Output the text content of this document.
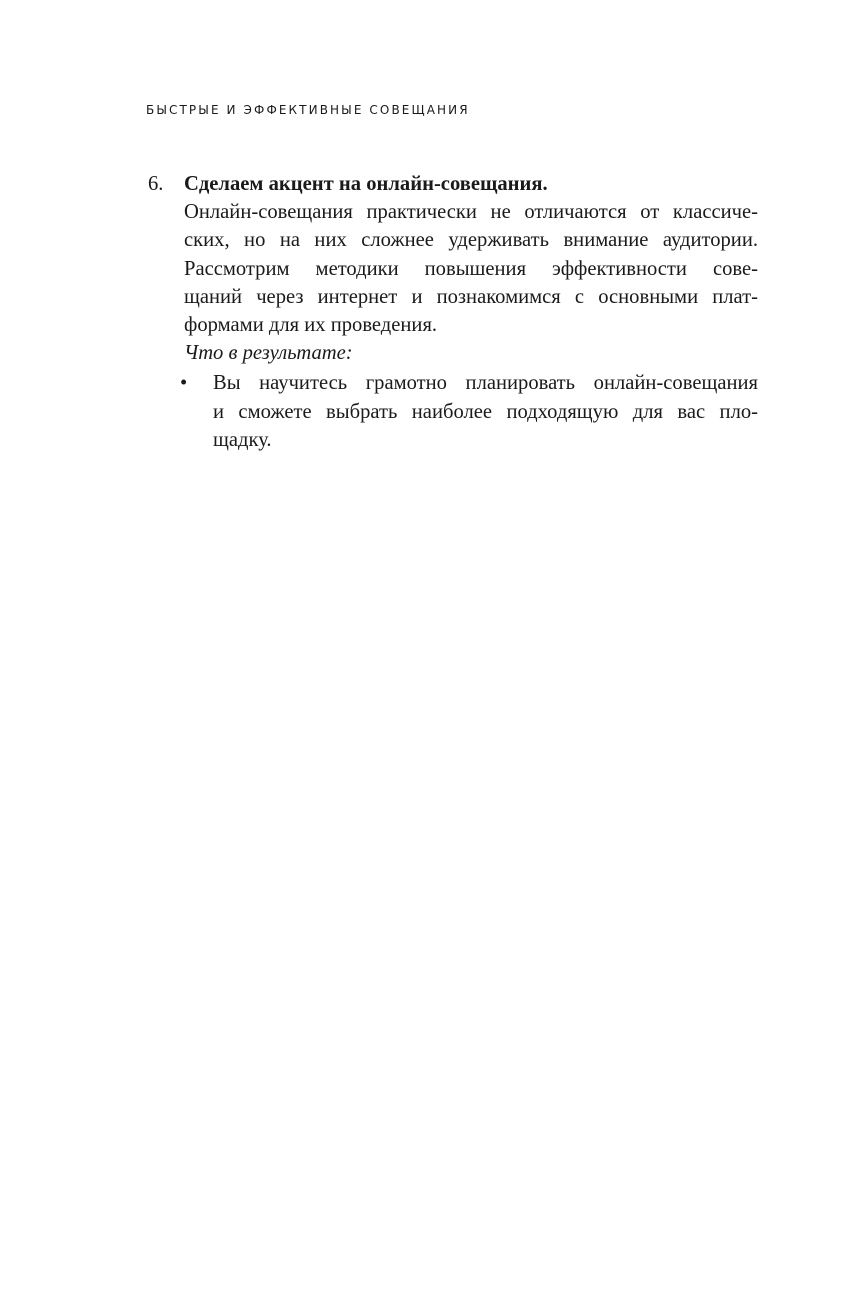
БЫСТРЫЕ И ЭФФЕКТИВНЫЕ СОВЕЩАНИЯ
6. Сделаем акцент на онлайн-совещания.
Онлайн-совещания практически не отличаются от классиче-
ских, но на них сложнее удерживать внимание аудитории.
Рассмотрим методики повышения эффективности сове-
щаний через интернет и познакомимся с основными плат-
формами для их проведения.
Что в результате:
• Вы научитесь грамотно планировать онлайн-совещания
и сможете выбрать наиболее подходящую для вас пло-
щадку.
